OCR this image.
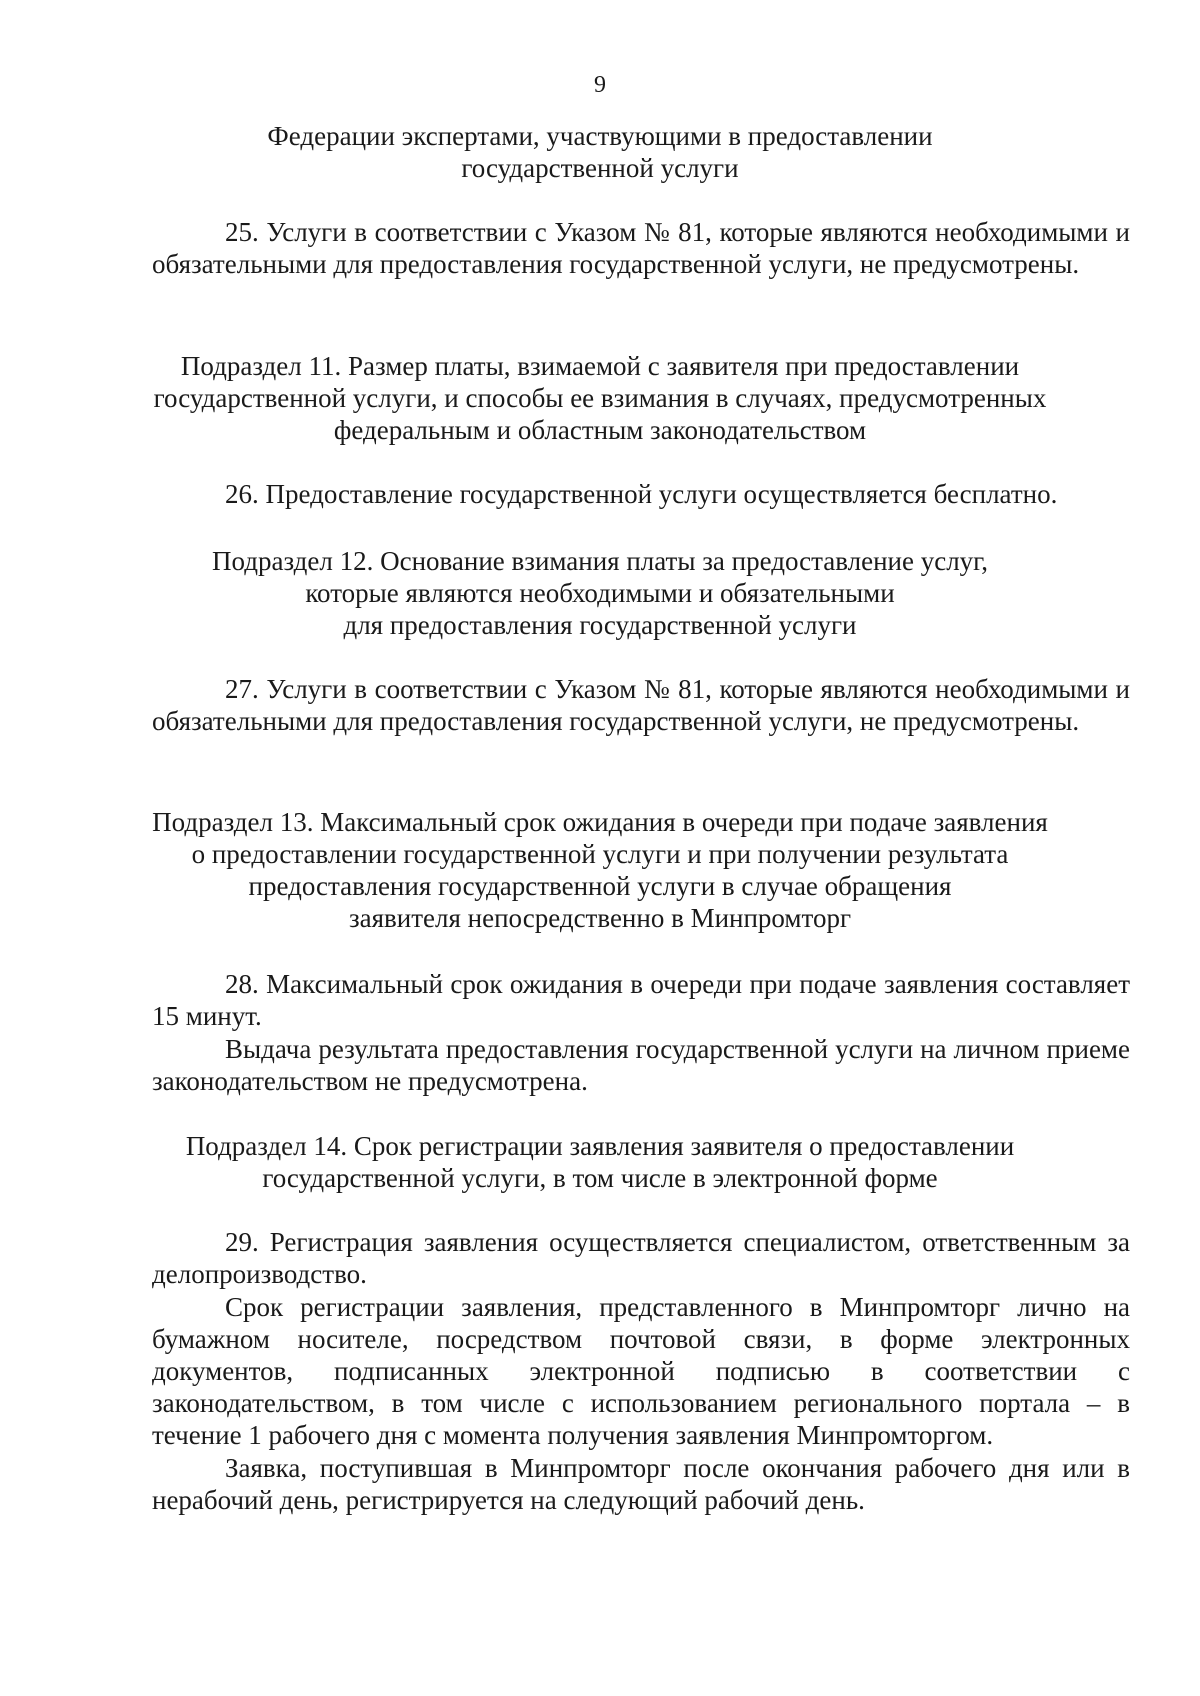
9
Федерации экспертами, участвующими в предоставлении
государственной услуги

25. Услуги в соответствии с Указом № 81, которые являются необходимыми и обязательными для предоставления государственной услуги, не предусмотрены.

Подраздел 11. Размер платы, взимаемой с заявителя при предоставлении
государственной услуги, и способы ее взимания в случаях, предусмотренных
федеральным и областным законодательством

26. Предоставление государственной услуги осуществляется бесплатно.

Подраздел 12. Основание взимания платы за предоставление услуг,
которые являются необходимыми и обязательными
для предоставления государственной услуги

27. Услуги в соответствии с Указом № 81, которые являются необходимыми и обязательными для предоставления государственной услуги, не предусмотрены.

Подраздел 13. Максимальный срок ожидания в очереди при подаче заявления
о предоставлении государственной услуги и при получении результата
предоставления государственной услуги в случае обращения
заявителя непосредственно в Минпромторг

28. Максимальный срок ожидания в очереди при подаче заявления составляет 15 минут.

Выдача результата предоставления государственной услуги на личном приеме законодательством не предусмотрена.

Подраздел 14. Срок регистрации заявления заявителя о предоставлении
государственной услуги, в том числе в электронной форме

29. Регистрация заявления осуществляется специалистом, ответственным за делопроизводство.

Срок регистрации заявления, представленного в Минпромторг лично на бумажном носителе, посредством почтовой связи, в форме электронных документов, подписанных электронной подписью в соответствии с законодательством, в том числе с использованием регионального портала – в течение 1 рабочего дня с момента получения заявления Минпромторгом.

Заявка, поступившая в Минпромторг после окончания рабочего дня или в нерабочий день, регистрируется на следующий рабочий день.
